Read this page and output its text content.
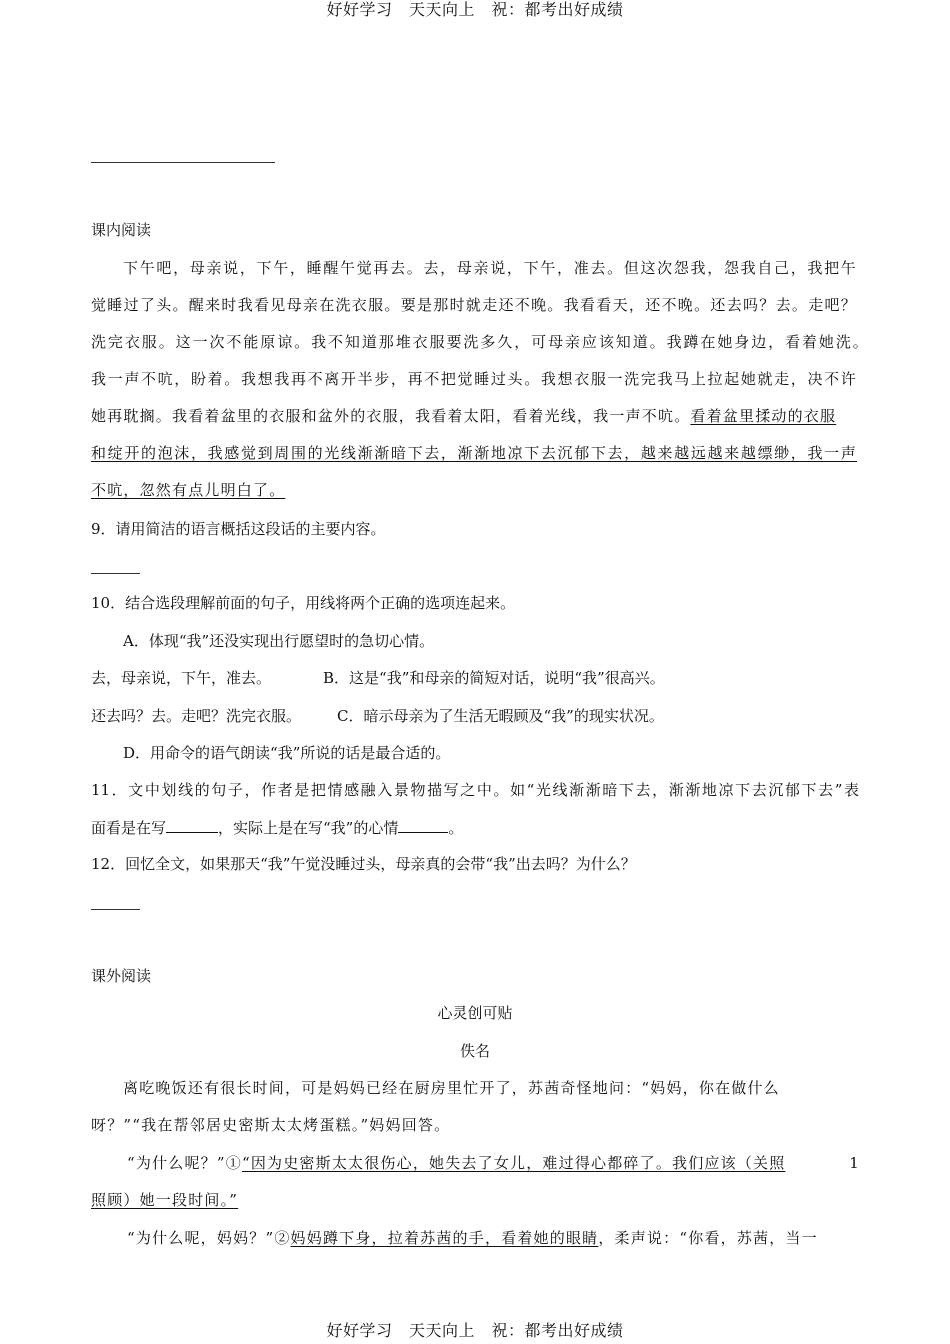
好好学习　天天向上　祝：都考出好成绩
课内阅读
下午吧，母亲说，下午，睡醒午觉再去。去，母亲说，下午，准去。但这次怨我，怨我自己，我把午
觉睡过了头。醒来时我看见母亲在洗衣服。要是那时就走还不晚。我看看天，还不晚。还去吗？去。走吧？
洗完衣服。这一次不能原谅。我不知道那堆衣服要洗多久，可母亲应该知道。我蹲在她身边，看着她洗。
我一声不吭，盼着。我想我再不离开半步，再不把觉睡过头。我想衣服一洗完我马上拉起她就走，决不许
她再耽搁。我看着盆里的衣服和盆外的衣服，我看着太阳，看着光线，我一声不吭。看着盆里揉动的衣服
和绽开的泡沫，我感觉到周围的光线渐渐暗下去，渐渐地凉下去沉郁下去，越来越远越来越缥缈，我一声
不吭，忽然有点儿明白了。
9．请用简洁的语言概括这段话的主要内容。
10．结合选段理解前面的句子，用线将两个正确的选项连起来。
A．体现“我”还没实现出行愿望时的急切心情。
去，母亲说，下午，准去。	B．这是“我”和母亲的简短对话，说明“我”很高兴。
还去吗？去。走吧？洗完衣服。 C．暗示母亲为了生活无暇顾及“我”的现实状况。
D．用命令的语气朗读“我”所说的话是最合适的。
11．文中划线的句子，作者是把情感融入景物描写之中。如“光线渐渐暗下去，渐渐地凉下去沉郁下去”表
面看是在写	，实际上是在写“我”的心情	。
12．回忆全文，如果那天“我”午觉没睡过头，母亲真的会带“我”出去吗？为什么？
课外阅读
心灵创可贴
佚名
离吃晚饭还有很长时间，可是妈妈已经在厨房里忙开了，苏茜奇怪地问：“妈妈，你在做什么
呀？”“我在帮邻居史密斯太太烤蛋糕。”妈妈回答。
“为什么呢？”①“因为史密斯太太很伤心，她失去了女儿，难过得心都碎了。我们应该（关照	1
照顾）她一段时间。”
“为什么呢，妈妈？”②妈妈蹲下身，拉着苏茜的手，看着她的眼睛，柔声说：“你看，苏茜，当一
好好学习　天天向上　祝：都考出好成绩
